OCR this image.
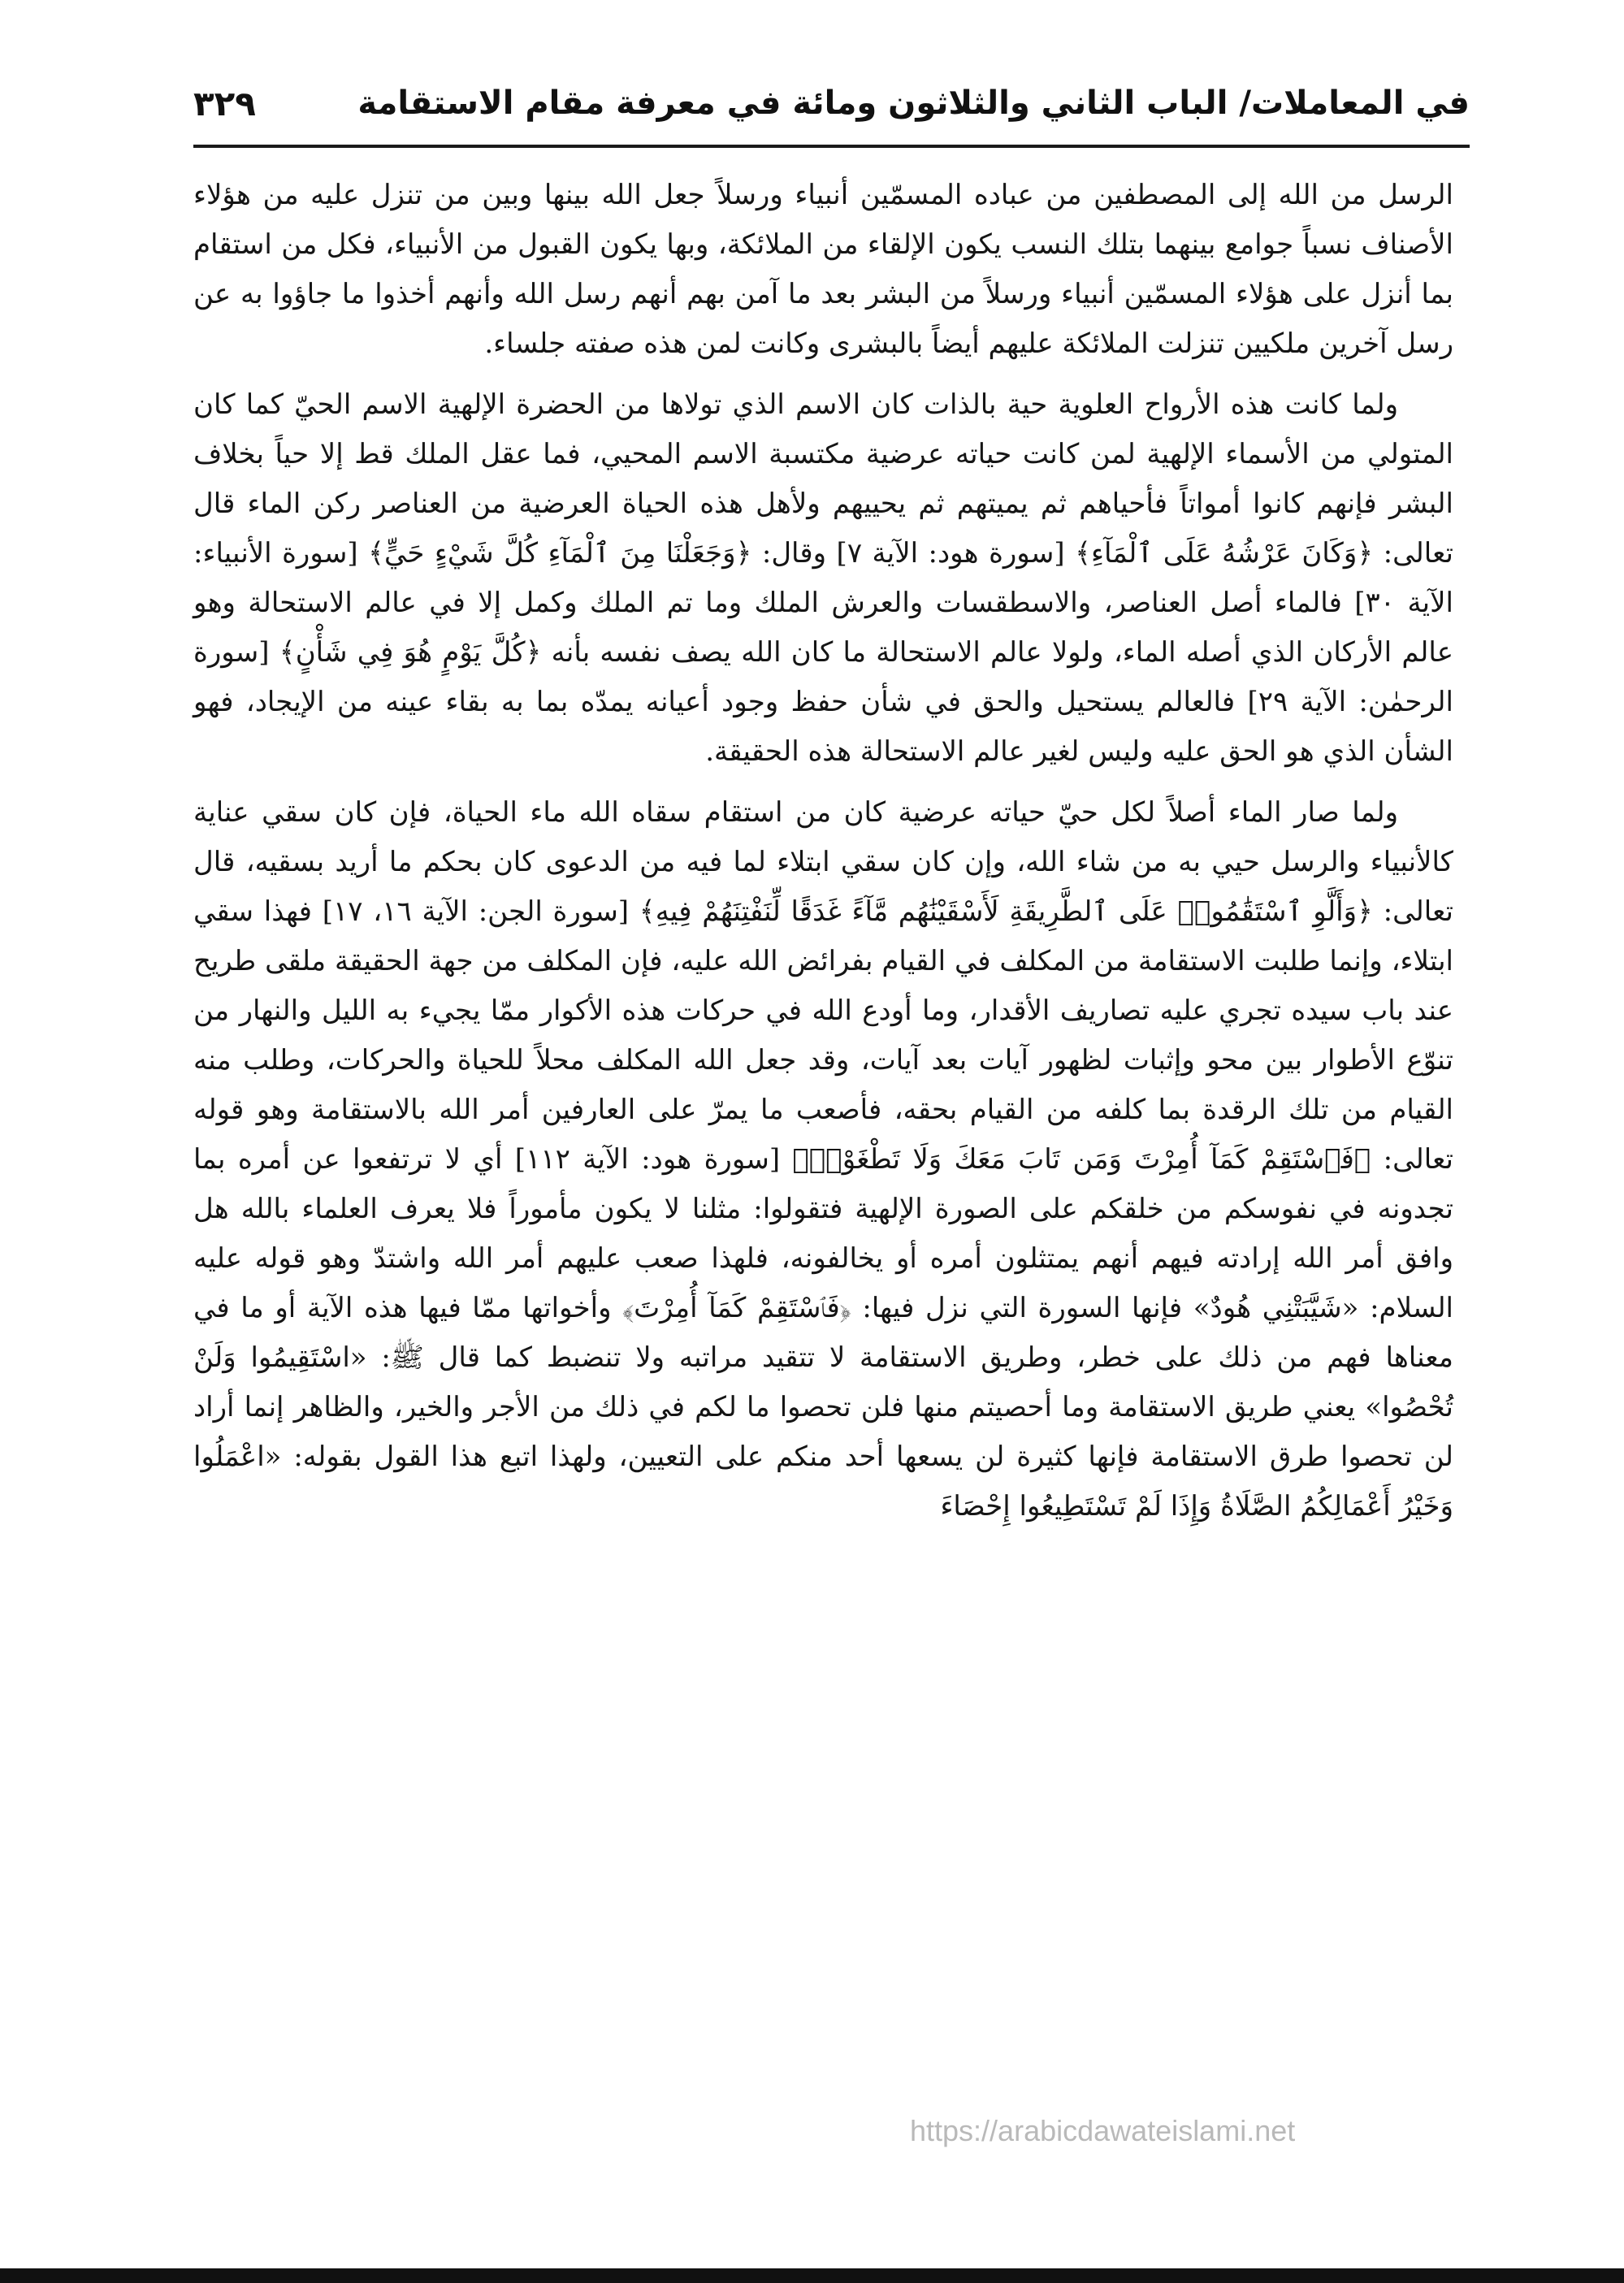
في المعاملات/ الباب الثاني والثلاثون ومائة في معرفة مقام الاستقامة
٣٢٩

الرسل من الله إلى المصطفين من عباده المسمّين أنبياء ورسلاً جعل الله بينها وبين من تنزل عليه من هؤلاء الأصناف نسباً جوامع بينهما بتلك النسب يكون الإلقاء من الملائكة، وبها يكون القبول من الأنبياء، فكل من استقام بما أنزل على هؤلاء المسمّين أنبياء ورسلاً من البشر بعد ما آمن بهم أنهم رسل الله وأنهم أخذوا ما جاؤوا به عن رسل آخرين ملكيين تنزلت الملائكة عليهم أيضاً بالبشرى وكانت لمن هذه صفته جلساء.

ولما كانت هذه الأرواح العلوية حية بالذات كان الاسم الذي تولاها من الحضرة الإلهية الاسم الحيّ كما كان المتولي من الأسماء الإلهية لمن كانت حياته عرضية مكتسبة الاسم المحيي، فما عقل الملك قط إلا حياً بخلاف البشر فإنهم كانوا أمواتاً فأحياهم ثم يميتهم ثم يحييهم ولأهل هذه الحياة العرضية من العناصر ركن الماء قال تعالى: ﴿وَكَانَ عَرْشُهُ عَلَى ٱلْمَآءِ﴾ [سورة هود: الآية ٧] وقال: ﴿وَجَعَلْنَا مِنَ ٱلْمَآءِ كُلَّ شَيْءٍ حَيٍّ﴾ [سورة الأنبياء: الآية ٣٠] فالماء أصل العناصر، والاسطقسات والعرش الملك وما تم الملك وكمل إلا في عالم الاستحالة وهو عالم الأركان الذي أصله الماء، ولولا عالم الاستحالة ما كان الله يصف نفسه بأنه ﴿كُلَّ يَوْمٍ هُوَ فِي شَأْنٍ﴾ [سورة الرحمٰن: الآية ٢٩] فالعالم يستحيل والحق في شأن حفظ وجود أعيانه يمدّه بما به بقاء عينه من الإيجاد، فهو الشأن الذي هو الحق عليه وليس لغير عالم الاستحالة هذه الحقيقة.

ولما صار الماء أصلاً لكل حيّ حياته عرضية كان من استقام سقاه الله ماء الحياة، فإن كان سقي عناية كالأنبياء والرسل حيي به من شاء الله، وإن كان سقي ابتلاء لما فيه من الدعوى كان بحكم ما أريد بسقيه، قال تعالى: ﴿وَأَلَّوِ ٱسْتَقَٰمُوا۟ عَلَى ٱلطَّرِيقَةِ لَأَسْقَيْنَٰهُم مَّآءً غَدَقًا لِّنَفْتِنَهُمْ فِيهِ﴾ [سورة الجن: الآية ١٦، ١٧] فهذا سقي ابتلاء، وإنما طلبت الاستقامة من المكلف في القيام بفرائض الله عليه، فإن المكلف من جهة الحقيقة ملقى طريح عند باب سيده تجري عليه تصاريف الأقدار، وما أودع الله في حركات هذه الأكوار ممّا يجيء به الليل والنهار من تنوّع الأطوار بين محو وإثبات لظهور آيات بعد آيات، وقد جعل الله المكلف محلاً للحياة والحركات، وطلب منه القيام من تلك الرقدة بما كلفه من القيام بحقه، فأصعب ما يمرّ على العارفين أمر الله بالاستقامة وهو قوله تعالى: ﴿فَٱسْتَقِمْ كَمَآ أُمِرْتَ وَمَن تَابَ مَعَكَ وَلَا تَطْغَوْا۟﴾ [سورة هود: الآية ١١٢] أي لا ترتفعوا عن أمره بما تجدونه في نفوسكم من خلقكم على الصورة الإلهية فتقولوا: مثلنا لا يكون مأموراً فلا يعرف العلماء بالله هل وافق أمر الله إرادته فيهم أنهم يمتثلون أمره أو يخالفونه، فلهذا صعب عليهم أمر الله واشتدّ وهو قوله عليه السلام: «شَيَّبَتْنِي هُودٌ» فإنها السورة التي نزل فيها: ﴿فَٱسْتَقِمْ كَمَآ أُمِرْتَ﴾ وأخواتها ممّا فيها هذه الآية أو ما في معناها فهم من ذلك على خطر، وطريق الاستقامة لا تتقيد مراتبه ولا تنضبط كما قال ﷺ: «اسْتَقِيمُوا وَلَنْ تُحْصُوا» يعني طريق الاستقامة وما أحصيتم منها فلن تحصوا ما لكم في ذلك من الأجر والخير، والظاهر إنما أراد لن تحصوا طرق الاستقامة فإنها كثيرة لن يسعها أحد منكم على التعيين، ولهذا اتبع هذا القول بقوله: «اعْمَلُوا وَخَيْرُ أَعْمَالِكُمُ الصَّلَاةُ وَإِذَا لَمْ تَسْتَطِيعُوا إِحْصَاءَ

https://arabicdawateislami.net
